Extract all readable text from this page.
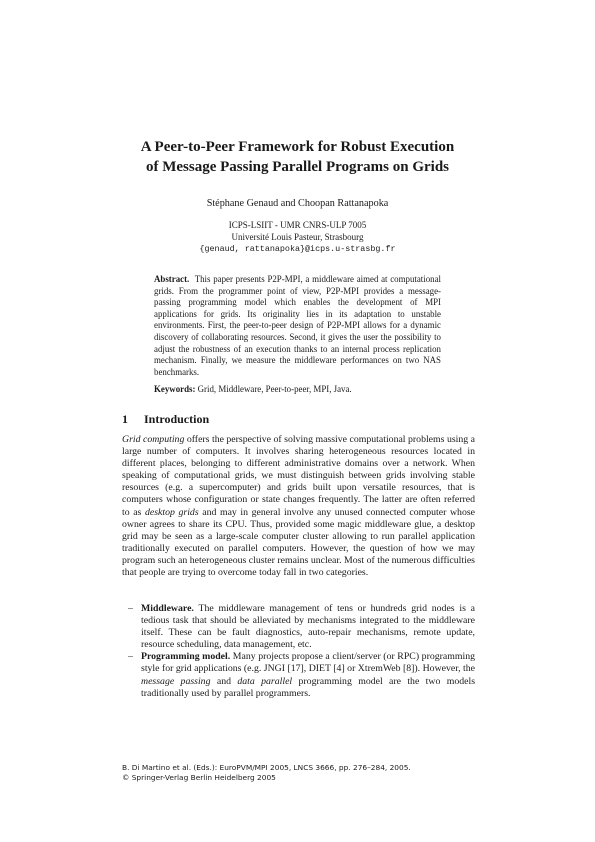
A Peer-to-Peer Framework for Robust Execution
of Message Passing Parallel Programs on Grids
Stéphane Genaud and Choopan Rattanapoka
ICPS-LSIIT - UMR CNRS-ULP 7005
Université Louis Pasteur, Strasbourg
{genaud, rattanapoka}@icps.u-strasbg.fr

Abstract. This paper presents P2P-MPI, a middleware aimed at computational grids. From the programmer point of view, P2P-MPI provides a message-passing programming model which enables the development of MPI applications for grids. Its originality lies in its adaptation to unstable environments. First, the peer-to-peer design of P2P-MPI allows for a dynamic discovery of collaborating resources. Second, it gives the user the possibility to adjust the robustness of an execution thanks to an internal process replication mechanism. Finally, we measure the middleware performances on two NAS benchmarks.

Keywords: Grid, Middleware, Peer-to-peer, MPI, Java.
1 Introduction

Grid computing offers the perspective of solving massive computational problems using a large number of computers. It involves sharing heterogeneous resources located in different places, belonging to different administrative domains over a network. When speaking of computational grids, we must distinguish between grids involving stable resources (e.g. a supercomputer) and grids built upon versatile resources, that is computers whose configuration or state changes frequently. The latter are often referred to as desktop grids and may in general involve any unused connected computer whose owner agrees to share its CPU. Thus, provided some magic middleware glue, a desktop grid may be seen as a large-scale computer cluster allowing to run parallel application traditionally executed on parallel computers. However, the question of how we may program such an heterogeneous cluster remains unclear. Most of the numerous difficulties that people are trying to overcome today fall in two categories.

– Middleware. The middleware management of tens or hundreds grid nodes is a tedious task that should be alleviated by mechanisms integrated to the middleware itself. These can be fault diagnostics, auto-repair mechanisms, remote update, resource scheduling, data management, etc.
– Programming model. Many projects propose a client/server (or RPC) programming style for grid applications (e.g. JNGI [17], DIET [4] or XtremWeb [8]). However, the message passing and data parallel programming model are the two models traditionally used by parallel programmers.
B. Di Martino et al. (Eds.): EuroPVM/MPI 2005, LNCS 3666, pp. 276–284, 2005.
© Springer-Verlag Berlin Heidelberg 2005
